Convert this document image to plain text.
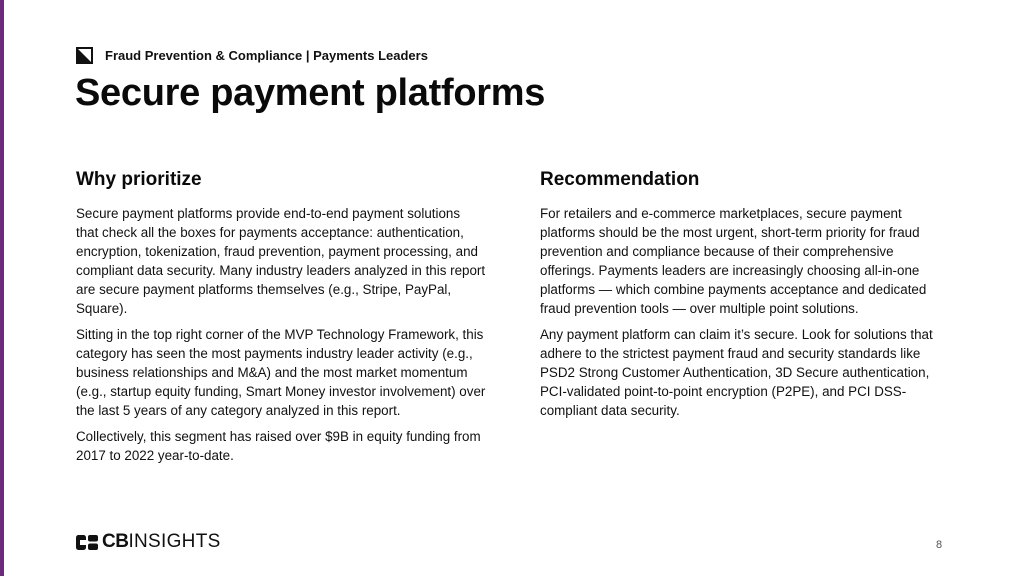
Fraud Prevention & Compliance | Payments Leaders
Secure payment platforms
Why prioritize

Secure payment platforms provide end-to-end payment solutions that check all the boxes for payments acceptance: authentication, encryption, tokenization, fraud prevention, payment processing, and compliant data security. Many industry leaders analyzed in this report are secure payment platforms themselves (e.g., Stripe, PayPal, Square).

Sitting in the top right corner of the MVP Technology Framework, this category has seen the most payments industry leader activity (e.g., business relationships and M&A) and the most market momentum (e.g., startup equity funding, Smart Money investor involvement) over the last 5 years of any category analyzed in this report.

Collectively, this segment has raised over $9B in equity funding from 2017 to 2022 year-to-date.

Recommendation

For retailers and e-commerce marketplaces, secure payment platforms should be the most urgent, short-term priority for fraud prevention and compliance because of their comprehensive offerings. Payments leaders are increasingly choosing all-in-one platforms — which combine payments acceptance and dedicated fraud prevention tools — over multiple point solutions.

Any payment platform can claim it’s secure. Look for solutions that adhere to the strictest payment fraud and security standards like PSD2 Strong Customer Authentication, 3D Secure authentication, PCI-validated point-to-point encryption (P2PE), and PCI DSS-compliant data security.

CB INSIGHTS	8
